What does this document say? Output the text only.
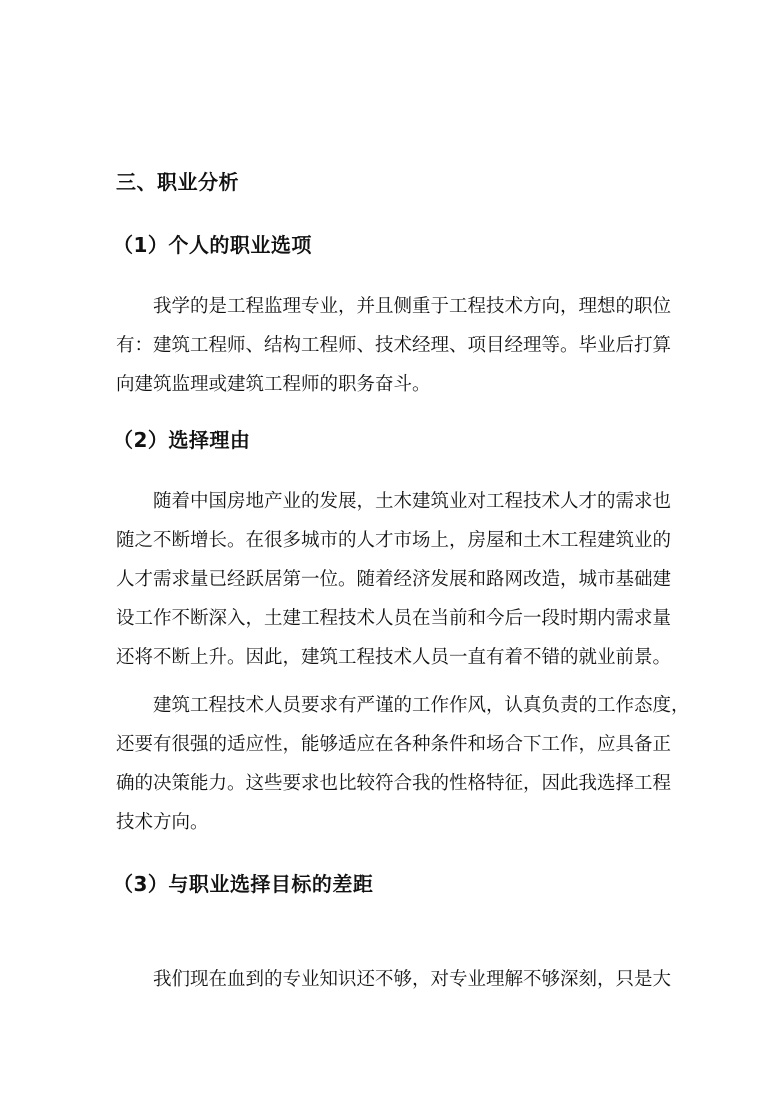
三、职业分析
（1）个人的职业选项
我学的是工程监理专业，并且侧重于工程技术方向，理想的职位
有：建筑工程师、结构工程师、技术经理、项目经理等。毕业后打算
向建筑监理或建筑工程师的职务奋斗。
（2）选择理由
随着中国房地产业的发展，土木建筑业对工程技术人才的需求也
随之不断增长。在很多城市的人才市场上，房屋和土木工程建筑业的
人才需求量已经跃居第一位。随着经济发展和路网改造，城市基础建
设工作不断深入，土建工程技术人员在当前和今后一段时期内需求量
还将不断上升。因此，建筑工程技术人员一直有着不错的就业前景。
建筑工程技术人员要求有严谨的工作作风，认真负责的工作态度，
还要有很强的适应性，能够适应在各种条件和场合下工作，应具备正
确的决策能力。这些要求也比较符合我的性格特征，因此我选择工程
技术方向。
（3）与职业选择目标的差距
我们现在血到的专业知识还不够，对专业理解不够深刻，只是大
